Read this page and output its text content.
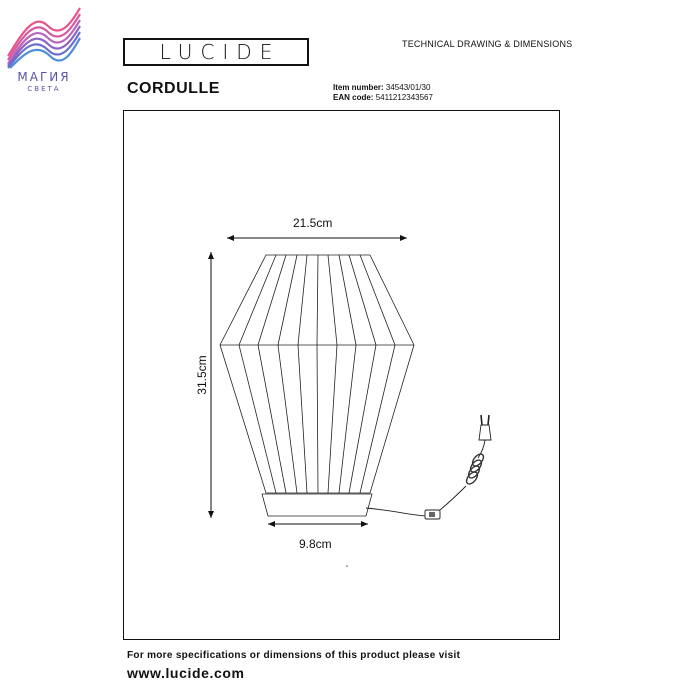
МАГИЯ
СВЕТА
LUCIDE	TECHNICAL DRAWING & DIMENSIONS
CORDULLE	Item number: 34543/01/30
EAN code: 5411212343567
21.5cm
31.5cm
9.8cm
For more specifications or dimensions of this product please visit
www.lucide.com
